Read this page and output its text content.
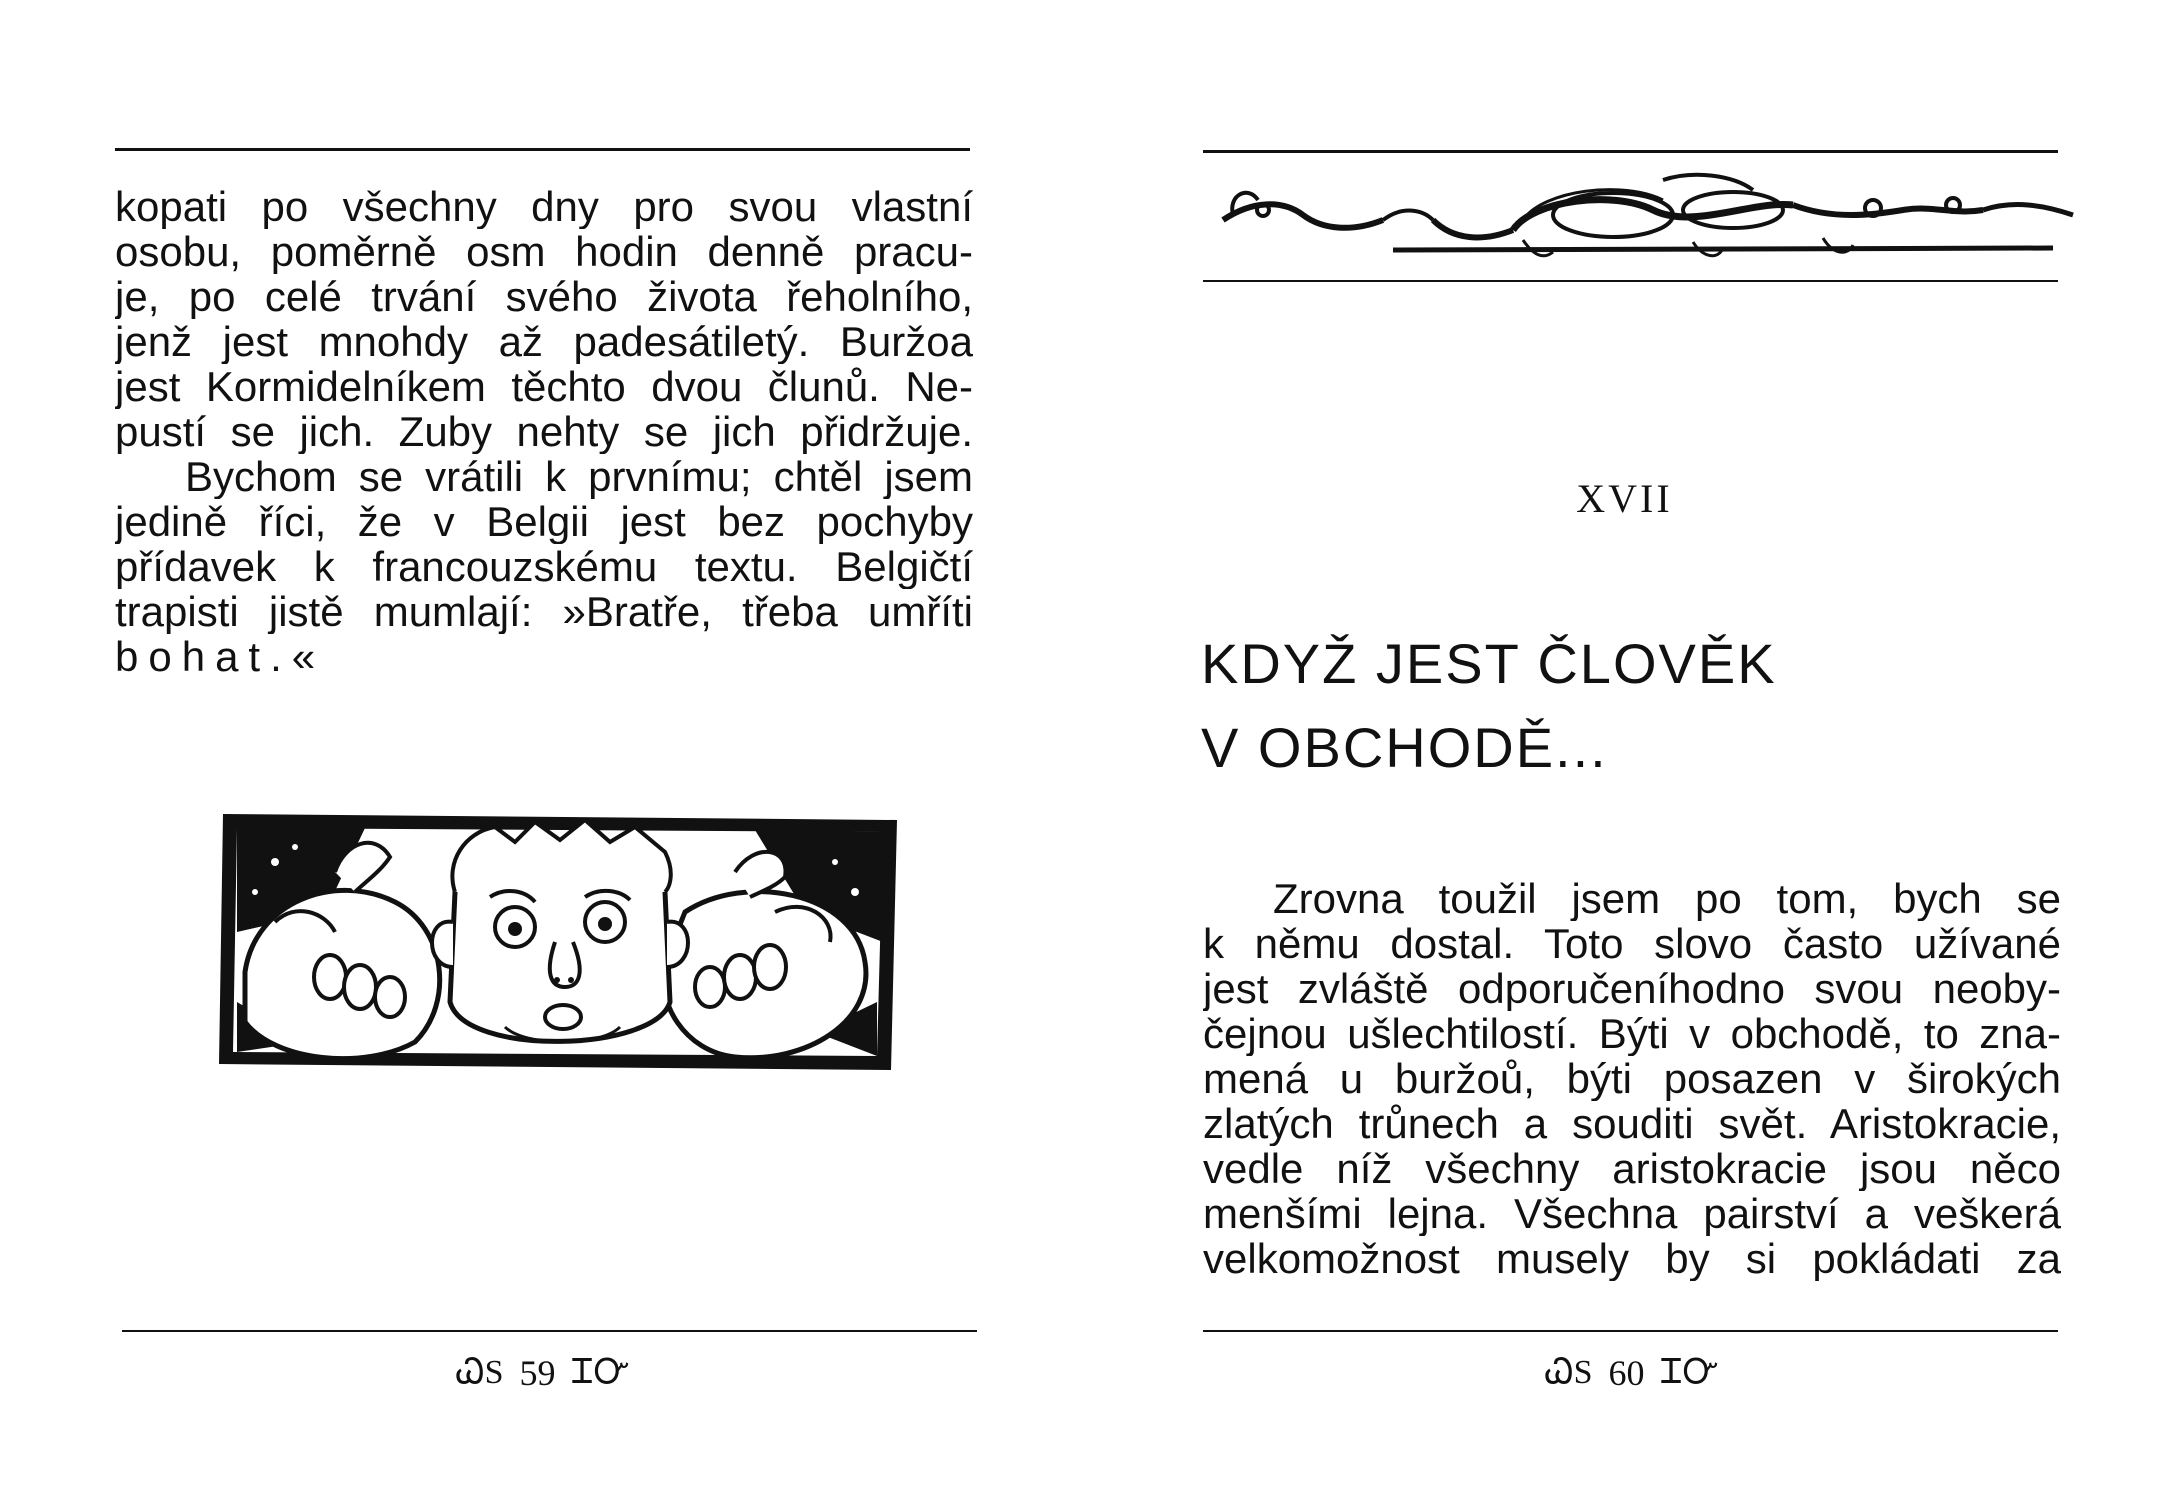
kopati po všechny dny pro svou vlastní
osobu, poměrně osm hodin denně pracu-
je, po celé trvání svého života řeholního,
jenž jest mnohdy až padesátiletý. Buržoa
jest Kormidelníkem těchto dvou člunů. Ne-
pustí se jich. Zuby nehty se jich přidržuje.

Bychom se vrátili k prvnímu; chtěl jsem
jedině říci, že v Belgii jest bez pochyby
přídavek k francouzskému textu. Belgičtí
trapisti jistě mumlají: »Bratře, třeba umříti
bohat.«

ᏇS 59 ᏆᏅ
XVII
KDYŽ JEST ČLOVĚK
V OBCHODĚ...

Zrovna toužil jsem po tom, bych se
k němu dostal. Toto slovo často užívané
jest zvláště odporučeníhodno svou neoby-
čejnou ušlechtilostí. Býti v obchodě, to zna-
mená u buržoů, býti posazen v širokých
zlatých trůnech a souditi svět. Aristokracie,
vedle níž všechny aristokracie jsou něco
menšími lejna. Všechna pairství a veškerá
velkomožnost musely by si pokládati za

ᏇS 60 ᏆᏅ
